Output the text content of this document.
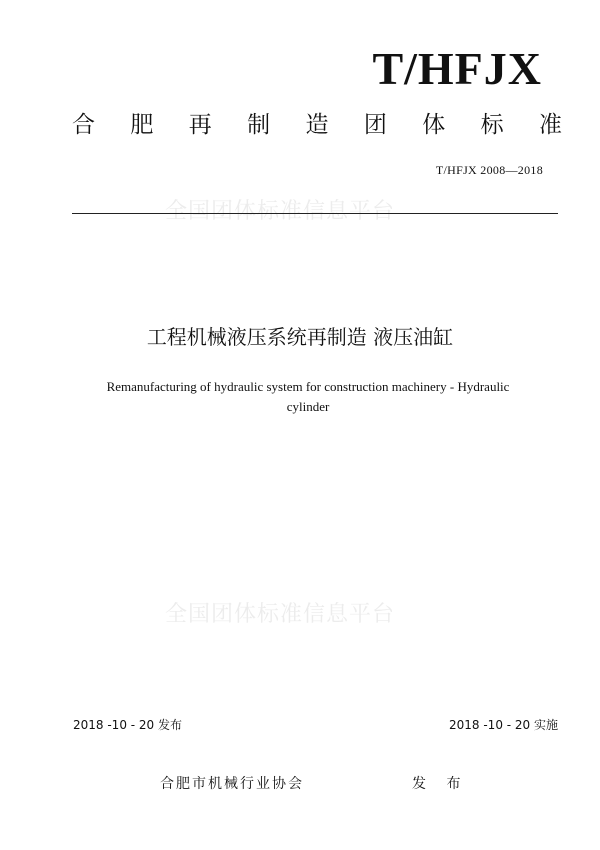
全国团体标准信息平台
全国团体标准信息平台
T/HFJX
合 肥 再 制 造 团 体 标 准
T/HFJX 2008—2018
工程机械液压系统再制造 液压油缸
Remanufacturing of hydraulic system for construction machinery - Hydraulic
cylinder
2018 -10 - 20 发布	2018 -10 - 20 实施
合肥市机械行业协会	发 布
